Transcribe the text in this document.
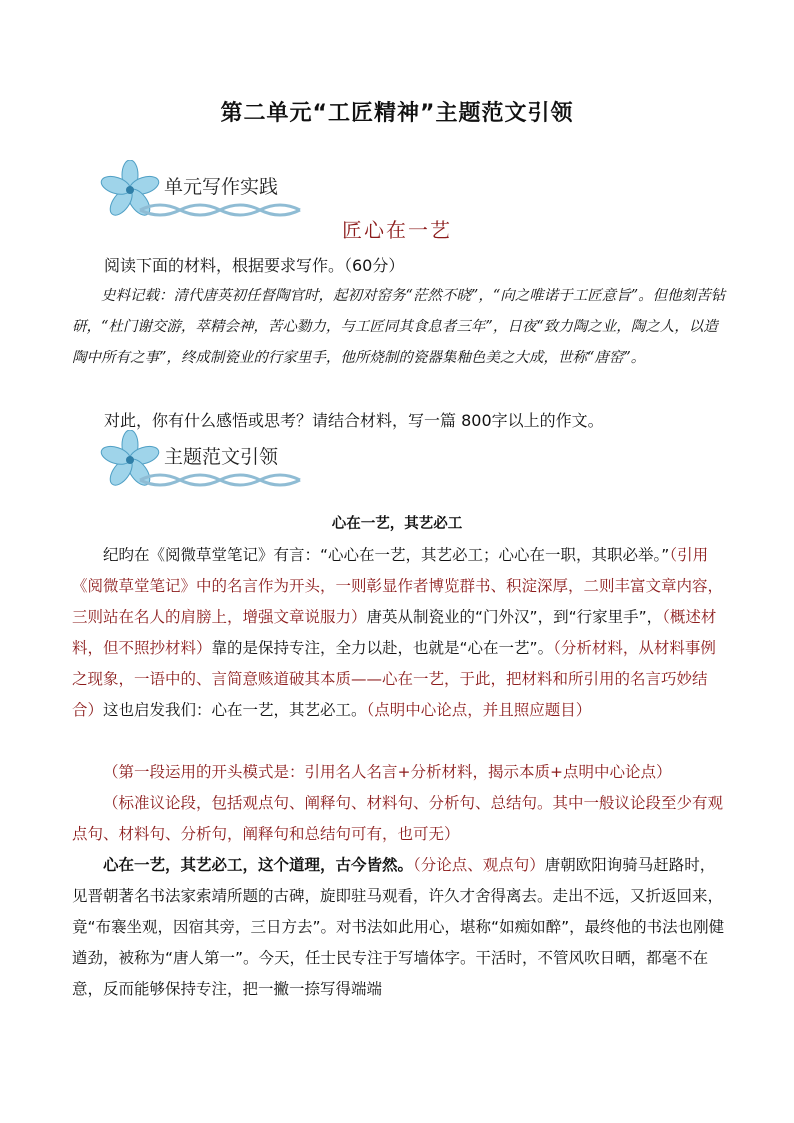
第二单元“工匠精神”主题范文引领
单元写作实践
匠心在一艺

阅读下面的材料，根据要求写作。（60分）

史料记载：清代唐英初任督陶官时，起初对窑务“茫然不晓”，“向之唯诺于工匠意旨”。但他刻苦钻研，“杜门谢交游，萃精会神，苦心勠力，与工匠同其食息者三年”，日夜“致力陶之业，陶之人，以造陶中所有之事”，终成制瓷业的行家里手，他所烧制的瓷器集釉色美之大成，世称“唐窑”。

对此，你有什么感悟或思考？请结合材料，写一篇 800字以上的作文。

主题范文引领
心在一艺，其艺必工

纪昀在《阅微草堂笔记》有言：“心心在一艺，其艺必工；心心在一职，其职必举。”（引用《阅微草堂笔记》中的名言作为开头，一则彰显作者博览群书、积淀深厚，二则丰富文章内容，三则站在名人的肩膀上，增强文章说服力）唐英从制瓷业的“门外汉”，到“行家里手”，（概述材料，但不照抄材料）靠的是保持专注，全力以赴，也就是“心在一艺”。（分析材料，从材料事例之现象，一语中的、言简意赅道破其本质——心在一艺，于此，把材料和所引用的名言巧妙结合）这也启发我们：心在一艺，其艺必工。（点明中心论点，并且照应题目）

（第一段运用的开头模式是：引用名人名言+分析材料，揭示本质+点明中心论点）

（标准议论段，包括观点句、阐释句、材料句、分析句、总结句。其中一般议论段至少有观点句、材料句、分析句，阐释句和总结句可有，也可无）

心在一艺，其艺必工，这个道理，古今皆然。（分论点、观点句）唐朝欧阳询骑马赶路时，见晋朝著名书法家索靖所题的古碑，旋即驻马观看，许久才舍得离去。走出不远，又折返回来，竟“布褰坐观，因宿其旁，三日方去”。对书法如此用心，堪称“如痴如醉”，最终他的书法也刚健遒劲，被称为“唐人第一”。今天，任士民专注于写墙体字。干活时，不管风吹日晒，都毫不在意，反而能够保持专注，把一撇一捺写得端端
